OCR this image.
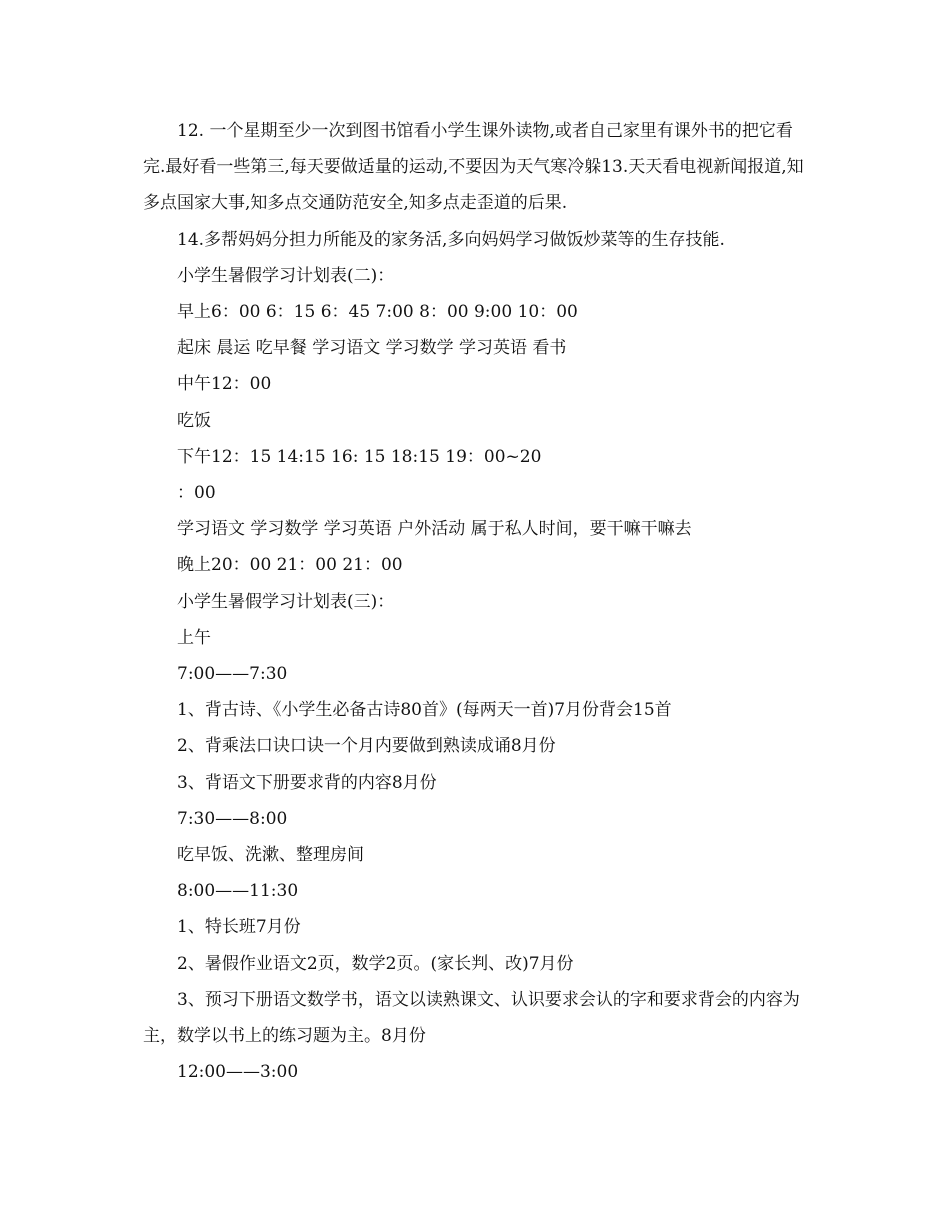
12. 一个星期至少一次到图书馆看小学生课外读物,或者自己家里有课外书的把它看完.最好看一些第三,每天要做适量的运动,不要因为天气寒冷躲13.天天看电视新闻报道,知多点国家大事,知多点交通防范安全,知多点走歪道的后果.

14.多帮妈妈分担力所能及的家务活,多向妈妈学习做饭炒菜等的生存技能.

小学生暑假学习计划表(二)：

早上6：00 6：15 6：45 7:00 8：00 9:00 10：00

起床 晨运 吃早餐 学习语文 学习数学 学习英语 看书

中午12：00

吃饭

下午12：15 14:15 16: 15 18:15 19：00~20

：00

学习语文 学习数学 学习英语 户外活动 属于私人时间，要干嘛干嘛去

晚上20：00 21：00 21：00

小学生暑假学习计划表(三)：

上午

7:00——7:30

1、背古诗、《小学生必备古诗80首》(每两天一首)7月份背会15首

2、背乘法口诀口诀一个月内要做到熟读成诵8月份

3、背语文下册要求背的内容8月份

7:30——8:00

吃早饭、洗漱、整理房间

8:00——11:30

1、特长班7月份

2、暑假作业语文2页，数学2页。(家长判、改)7月份

3、预习下册语文数学书，语文以读熟课文、认识要求会认的字和要求背会的内容为主，数学以书上的练习题为主。8月份

12:00——3:00
